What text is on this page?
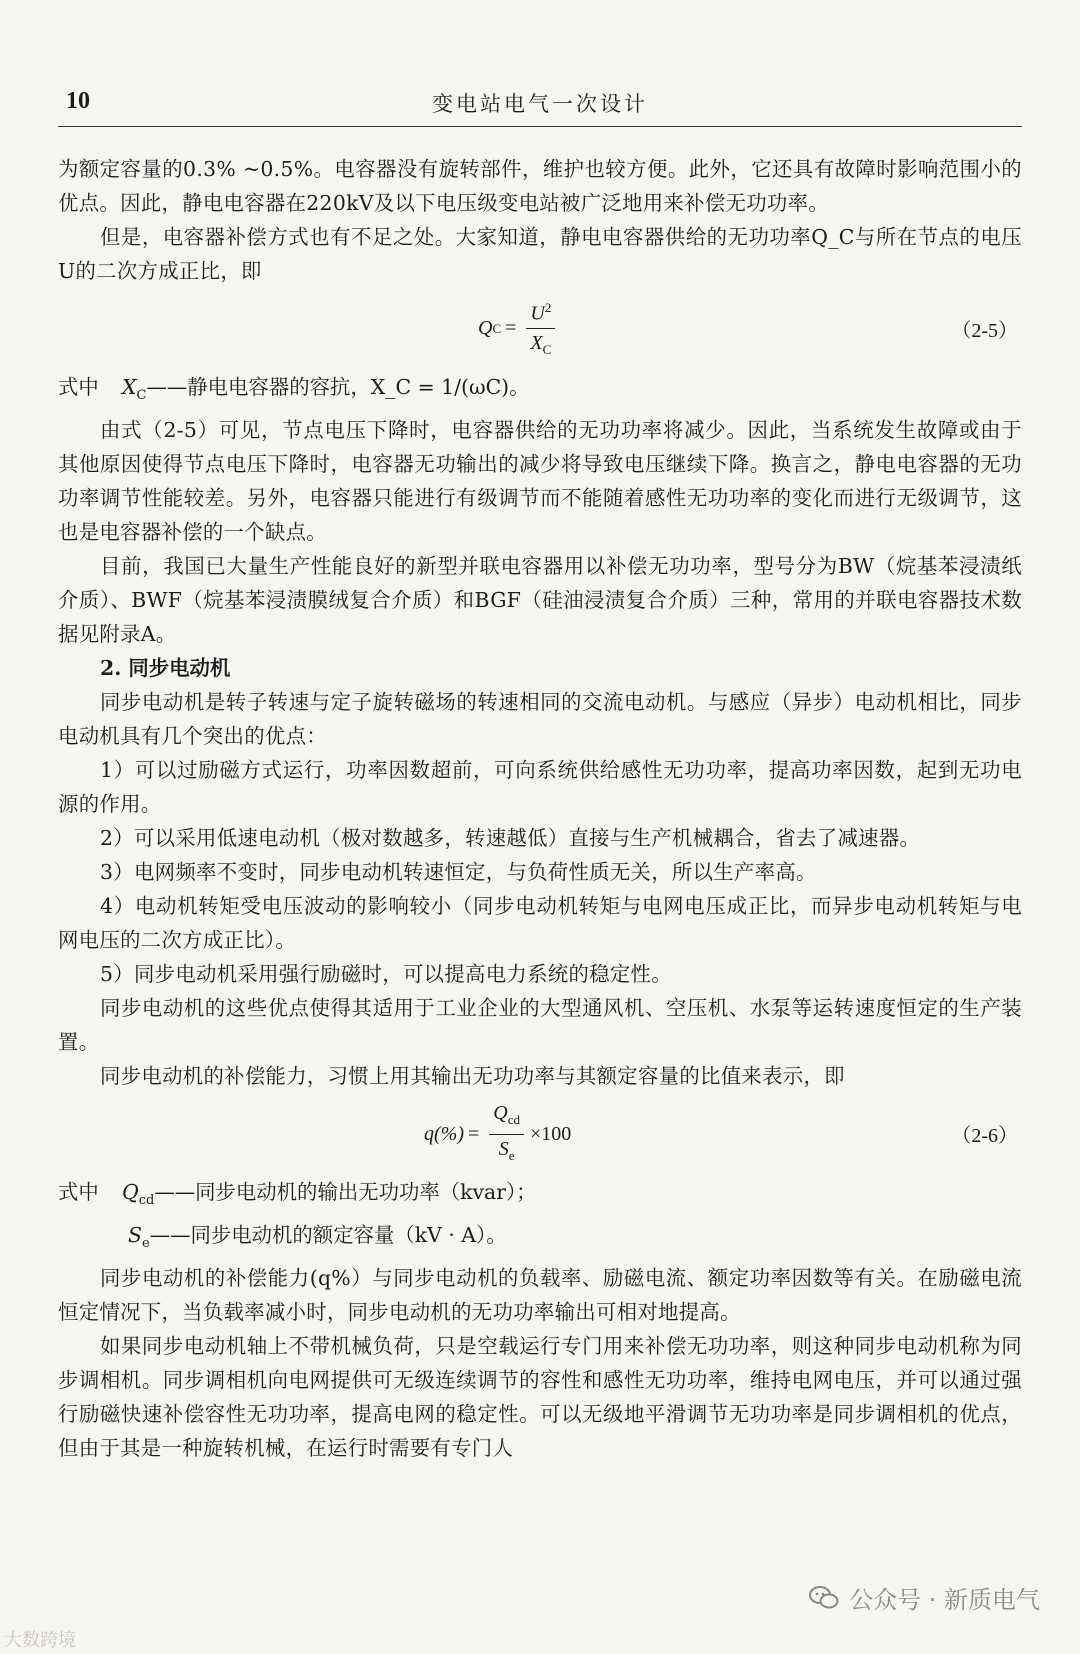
10	变电站电气一次设计

为额定容量的0.3% ~0.5%。电容器没有旋转部件，维护也较方便。此外，它还具有故障时影响范围小的优点。因此，静电电容器在220kV及以下电压级变电站被广泛地用来补偿无功功率。

但是，电容器补偿方式也有不足之处。大家知道，静电电容器供给的无功功率Q_C与所在节点的电压U的二次方成正比，即

Q $C = \frac{U^2}{X_C}$	（2-5）
式中 $X_C——$静电电容器的容抗，X_C = 1/(ωC)。

由式（2-5）可见，节点电压下降时，电容器供给的无功功率将减少。因此，当系统发生故障或由于其他原因使得节点电压下降时，电容器无功输出的减少将导致电压继续下降。换言之，静电电容器的无功功率调节性能较差。另外，电容器只能进行有级调节而不能随着感性无功功率的变化而进行无级调节，这也是电容器补偿的一个缺点。

目前，我国已大量生产性能良好的新型并联电容器用以补偿无功功率，型号分为BW（烷基苯浸渍纸介质）、BWF（烷基苯浸渍膜绒复合介质）和BGF（硅油浸渍复合介质）三种，常用的并联电容器技术数据见附录A。

2. 同步电动机

同步电动机是转子转速与定子旋转磁场的转速相同的交流电动机。与感应（异步）电动机相比，同步电动机具有几个突出的优点：

1）可以过励磁方式运行，功率因数超前，可向系统供给感性无功功率，提高功率因数，起到无功电源的作用。

2）可以采用低速电动机（极对数越多，转速越低）直接与生产机械耦合，省去了减速器。

3）电网频率不变时，同步电动机转速恒定，与负荷性质无关，所以生产率高。

4）电动机转矩受电压波动的影响较小（同步电动机转矩与电网电压成正比，而异步电动机转矩与电网电压的二次方成正比）。

5）同步电动机采用强行励磁时，可以提高电力系统的稳定性。

同步电动机的这些优点使得其适用于工业企业的大型通风机、空压机、水泵等运转速度恒定的生产装置。

同步电动机的补偿能力，习惯上用其输出无功功率与其额定容量的比值来表示，即

$q(\%) = \frac{Q_{cd}}{S_e} \times 100$	（2-6）
式中 $Q_{cd}——$同步电动机的输出无功功率（kvar）；
$S_e——$同步电动机的额定容量（kV · A）。

同步电动机的补偿能力(q%）与同步电动机的负载率、励磁电流、额定功率因数等有关。在励磁电流恒定情况下，当负载率减小时，同步电动机的无功功率输出可相对地提高。

如果同步电动机轴上不带机械负荷，只是空载运行专门用来补偿无功功率，则这种同步电动机称为同步调相机。同步调相机向电网提供可无级连续调节的容性和感性无功功率，维持电网电压，并可以通过强行励磁快速补偿容性无功功率，提高电网的稳定性。可以无级地平滑调节无功功率是同步调相机的优点，但由于其是一种旋转机械，在运行时需要有专门人

公众号 · 新质电气
大数跨境
